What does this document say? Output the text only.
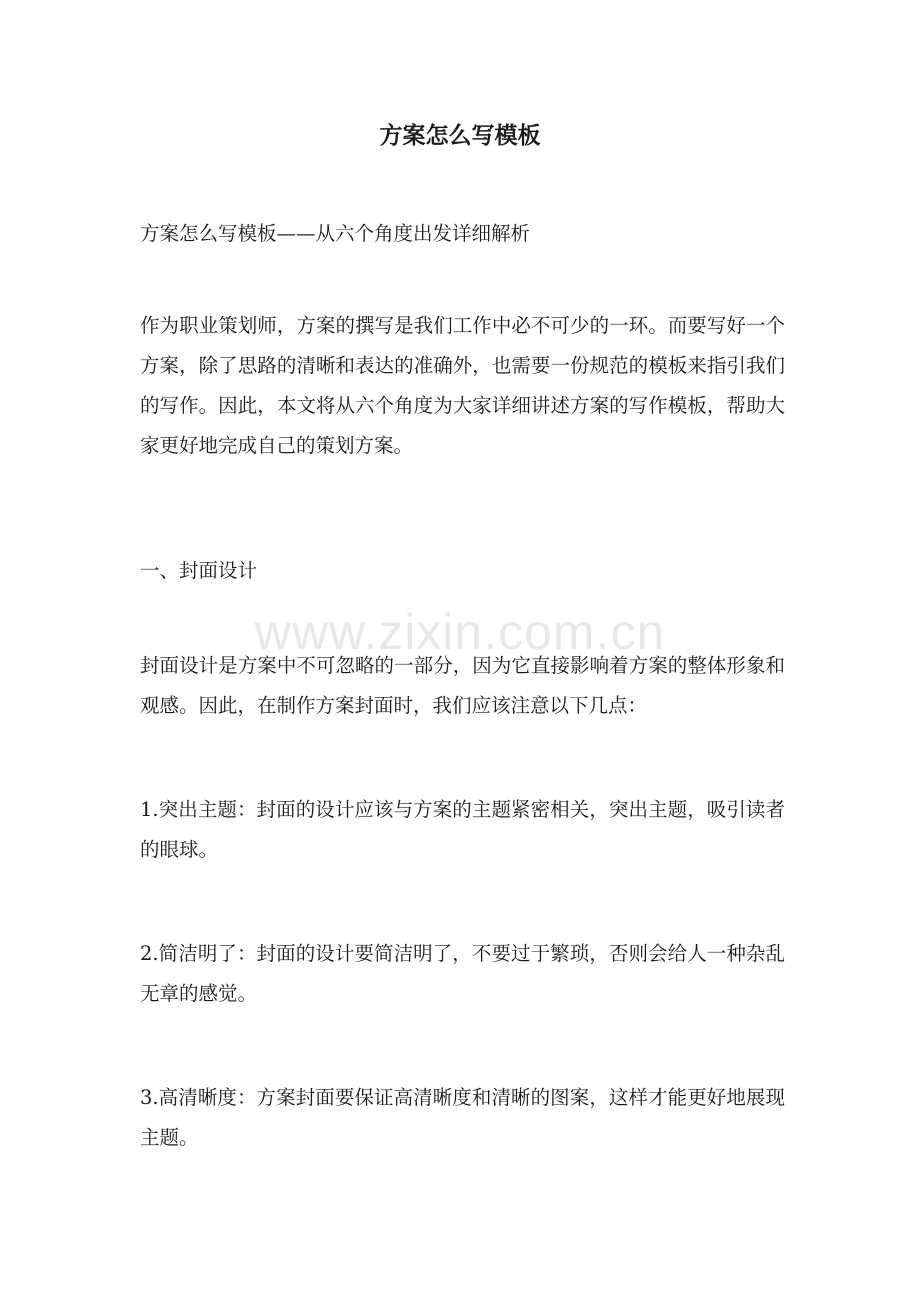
方案怎么写模板

方案怎么写模板——从六个角度出发详细解析

作为职业策划师，方案的撰写是我们工作中必不可少的一环。而要写好一个方案，除了思路的清晰和表达的准确外，也需要一份规范的模板来指引我们的写作。因此，本文将从六个角度为大家详细讲述方案的写作模板，帮助大家更好地完成自己的策划方案。

一、封面设计

封面设计是方案中不可忽略的一部分，因为它直接影响着方案的整体形象和观感。因此，在制作方案封面时，我们应该注意以下几点：

1.突出主题：封面的设计应该与方案的主题紧密相关，突出主题，吸引读者的眼球。

2.简洁明了：封面的设计要简洁明了，不要过于繁琐，否则会给人一种杂乱无章的感觉。

3.高清晰度：方案封面要保证高清晰度和清晰的图案，这样才能更好地展现主题。

www.zixin.com.cn
